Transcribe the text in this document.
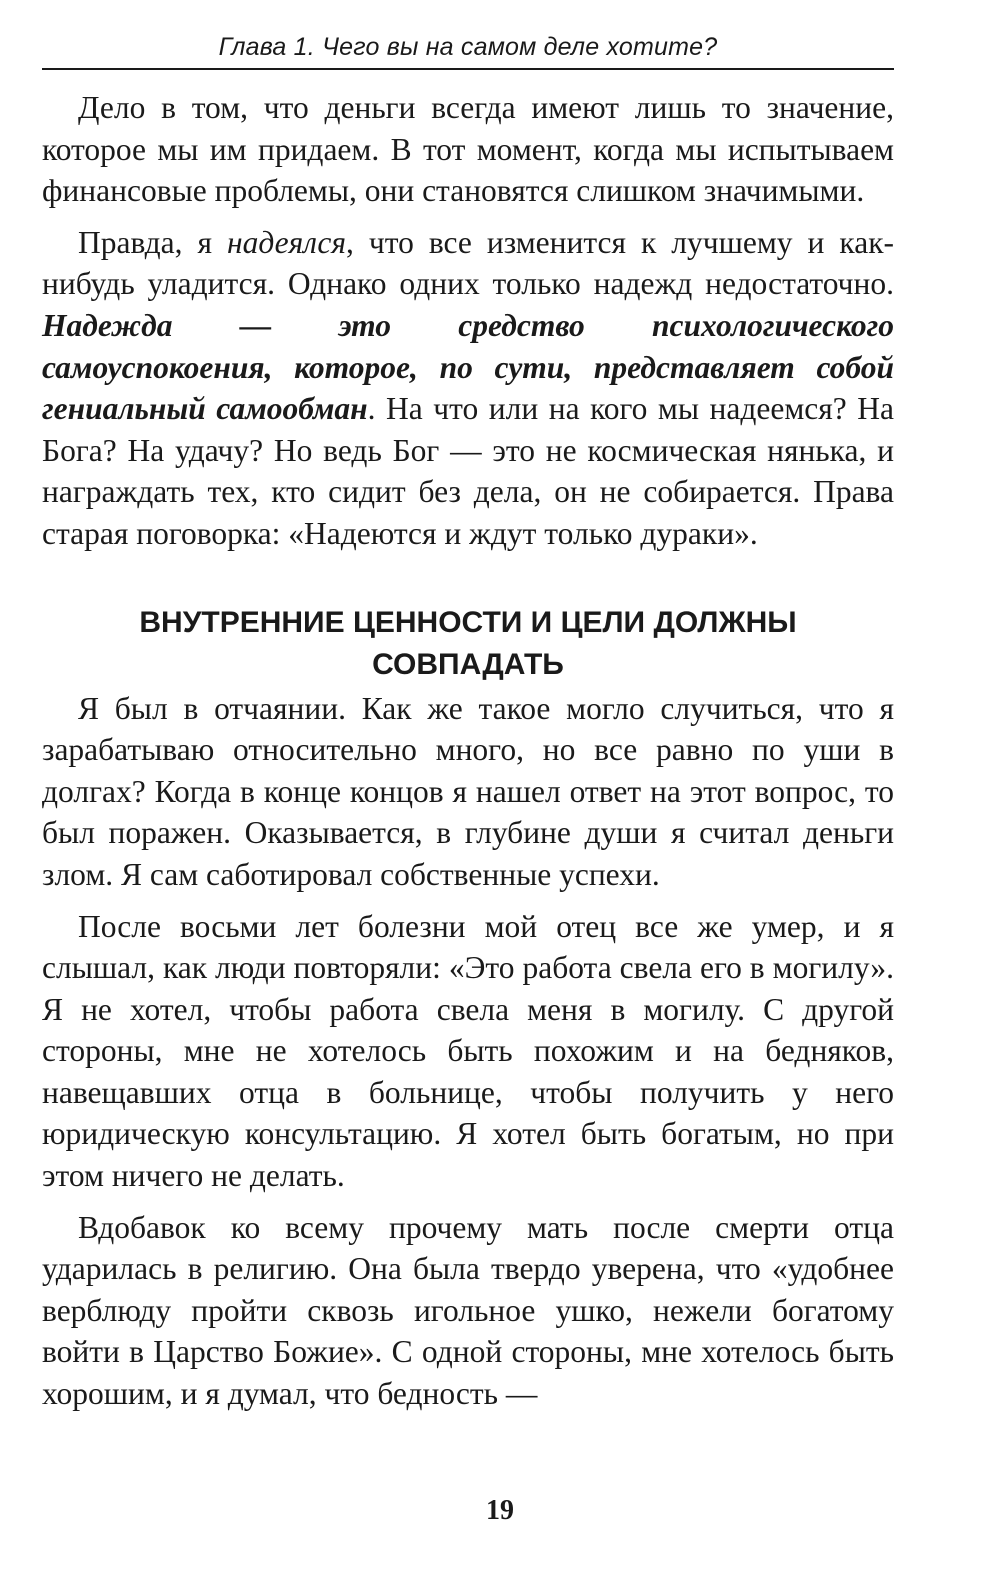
Глава 1. Чего вы на самом деле хотите?

Дело в том, что деньги всегда имеют лишь то значение, которое мы им придаем. В тот момент, когда мы испытываем финансовые проблемы, они становятся слишком значимыми.

Правда, я надеялся, что все изменится к лучшему и как-нибудь уладится. Однако одних только надежд недостаточно. Надежда — это средство психологического самоуспокоения, которое, по сути, представляет собой гениальный самообман. На что или на кого мы надеемся? На Бога? На удачу? Но ведь Бог — это не космическая нянька, и награждать тех, кто сидит без дела, он не собирается. Права старая поговорка: «Надеются и ждут только дураки».

ВНУТРЕННИЕ ЦЕННОСТИ И ЦЕЛИ ДОЛЖНЫ
СОВПАДАТЬ

Я был в отчаянии. Как же такое могло случиться, что я зарабатываю относительно много, но все равно по уши в долгах? Когда в конце концов я нашел ответ на этот вопрос, то был поражен. Оказывается, в глубине души я считал деньги злом. Я сам саботировал собственные успехи.

После восьми лет болезни мой отец все же умер, и я слышал, как люди повторяли: «Это работа свела его в могилу». Я не хотел, чтобы работа свела меня в могилу. С другой стороны, мне не хотелось быть похожим и на бедняков, навещавших отца в больнице, чтобы получить у него юридическую консультацию. Я хотел быть богатым, но при этом ничего не делать.

Вдобавок ко всему прочему мать после смерти отца ударилась в религию. Она была твердо уверена, что «удобнее верблюду пройти сквозь игольное ушко, нежели богатому войти в Царство Божие». С одной стороны, мне хотелось быть хорошим, и я думал, что бедность —

19
